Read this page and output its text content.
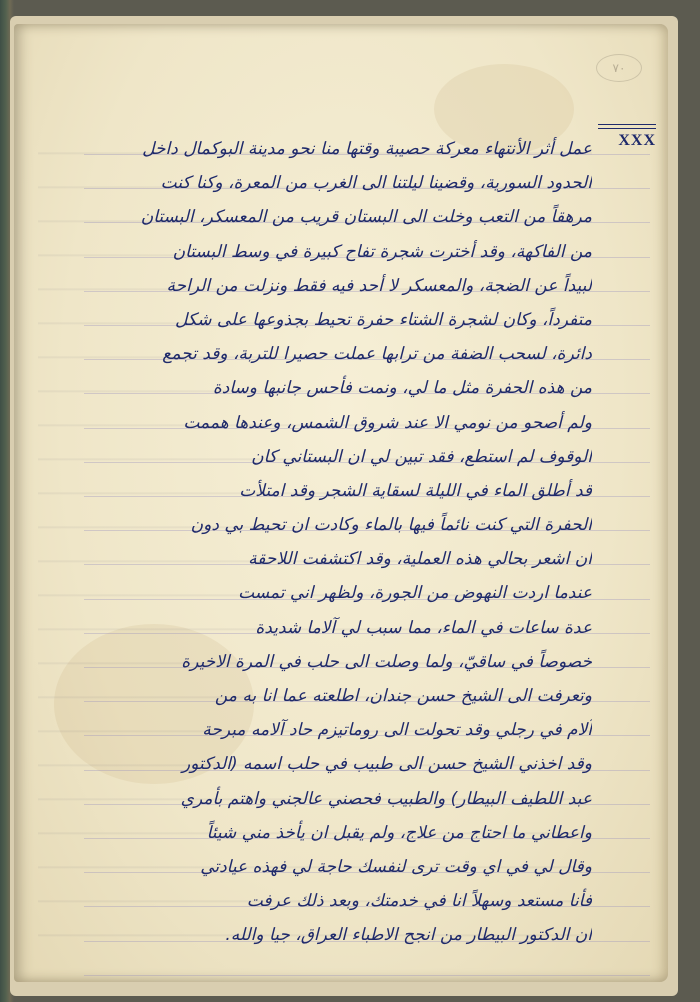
٧٠
XXX
عمل أثر الأنتهاء معركة حصيبة وقتها منا نحو مدينة البوكمال داخل
الحدود السورية، وقضينا ليلتنا الى الغرب من المعرة، وكنا كنت
مرهقاً من التعب وخلت الى البستان قريب من المعسكر، البستان
من الفاكهة، وقد أخترت شجرة تفاح كبيرة في وسط البستان
لبيداً عن الضجة، والمعسكر لا أحد فيه فقط ونزلت من الراحة
متفرداً، وكان لشجرة الشتاء حفرة تحيط بجذوعها على شكل
دائرة، لسحب الضفة من ترابها عملت حصيرا للتربة، وقد تجمع
من هذه الحفرة مثل ما لي، ونمت فأحس جانبها وسادة
ولم أصحو من نومي الا عند شروق الشمس، وعندها هممت
الوقوف لم استطع، فقد تبين لي ان البستاني كان
قد أطلق الماء في الليلة لسقاية الشجر وقد امتلأت
الحفرة التي كنت نائماً فيها بالماء وكادت ان تحيط بي دون
ان اشعر بحالي هذه العملية، وقد اكتشفت اللاحقة
عندما اردت النهوض من الجورة، ولظهر اني تمست
عدة ساعات في الماء، مما سبب لي آلاما شديدة
خصوصاً في ساقيّ، ولما وصلت الى حلب في المرة الاخيرة
وتعرفت الى الشيخ حسن جندان، اطلعته عما انا به من
آلام في رجلي وقد تحولت الى روماتيزم حاد آلامه مبرحة
وقد اخذني الشيخ حسن الى طبيب في حلب اسمه (الدكتور
عبد اللطيف البيطار) والطبيب فحصني عالجني واهتم بأمري
واعطاني ما احتاج من علاج، ولم يقبل ان يأخذ مني شيئاً
وقال لي في اي وقت ترى لنفسك حاجة لي فهذه عيادتي
فأنا مستعد وسهلاً انا في خدمتك، وبعد ذلك عرفت
ان الدكتور البيطار من انجح الاطباء العراق، جيا والله.
